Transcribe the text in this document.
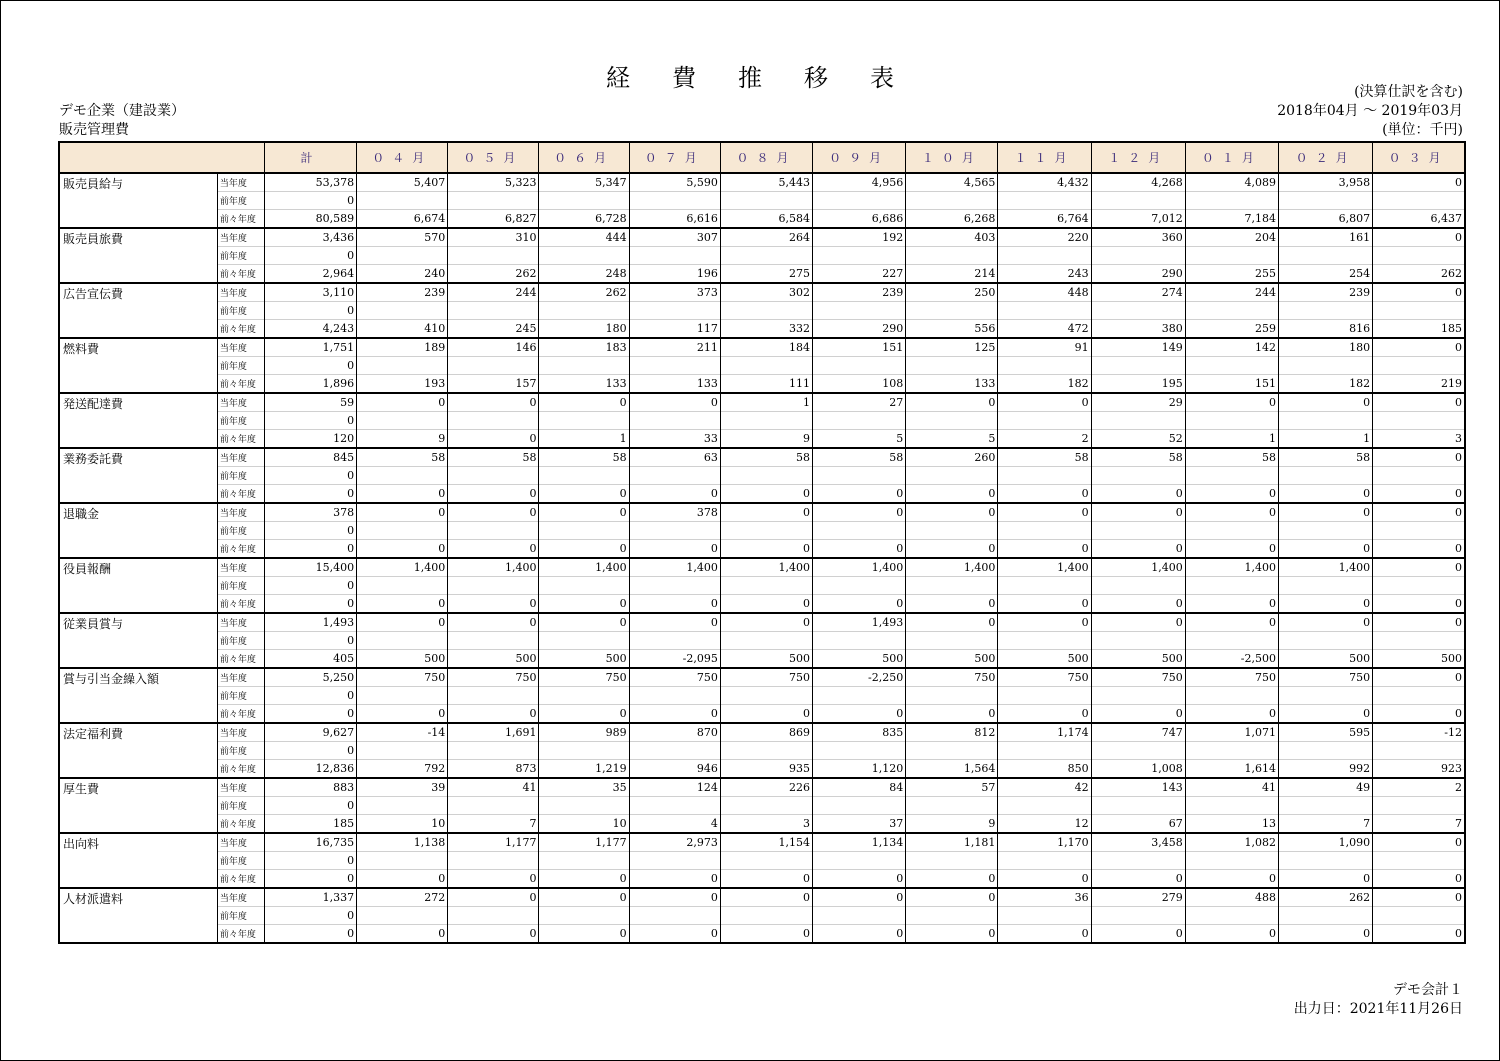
経費推移表
デモ企業（建設業）
販売管理費
(決算仕訳を含む)
2018年04月 〜 2019年03月
(単位：千円)
		計	０４月	０５月	０６月	０７月	０８月	０９月	１０月	１１月	１２月	０１月	０２月	０３月
販売員給与	当年度	53,378	5,407	5,323	5,347	5,590	5,443	4,956	4,565	4,432	4,268	4,089	3,958	0
	前年度	0												
	前々年度	80,589	6,674	6,827	6,728	6,616	6,584	6,686	6,268	6,764	7,012	7,184	6,807	6,437
販売員旅費	当年度	3,436	570	310	444	307	264	192	403	220	360	204	161	0
	前年度	0												
	前々年度	2,964	240	262	248	196	275	227	214	243	290	255	254	262
広告宣伝費	当年度	3,110	239	244	262	373	302	239	250	448	274	244	239	0
	前年度	0												
	前々年度	4,243	410	245	180	117	332	290	556	472	380	259	816	185
燃料費	当年度	1,751	189	146	183	211	184	151	125	91	149	142	180	0
	前年度	0												
	前々年度	1,896	193	157	133	133	111	108	133	182	195	151	182	219
発送配達費	当年度	59	0	0	0	0	1	27	0	0	29	0	0	0
	前年度	0												
	前々年度	120	9	0	1	33	9	5	5	2	52	1	1	3
業務委託費	当年度	845	58	58	58	63	58	58	260	58	58	58	58	0
	前年度	0												
	前々年度	0	0	0	0	0	0	0	0	0	0	0	0	0
退職金	当年度	378	0	0	0	378	0	0	0	0	0	0	0	0
	前年度	0												
	前々年度	0	0	0	0	0	0	0	0	0	0	0	0	0
役員報酬	当年度	15,400	1,400	1,400	1,400	1,400	1,400	1,400	1,400	1,400	1,400	1,400	1,400	0
	前年度	0												
	前々年度	0	0	0	0	0	0	0	0	0	0	0	0	0
従業員賞与	当年度	1,493	0	0	0	0	0	1,493	0	0	0	0	0	0
	前年度	0												
	前々年度	405	500	500	500	-2,095	500	500	500	500	500	-2,500	500	500
賞与引当金繰入額	当年度	5,250	750	750	750	750	750	-2,250	750	750	750	750	750	0
	前年度	0												
	前々年度	0	0	0	0	0	0	0	0	0	0	0	0	0
法定福利費	当年度	9,627	-14	1,691	989	870	869	835	812	1,174	747	1,071	595	-12
	前年度	0												
	前々年度	12,836	792	873	1,219	946	935	1,120	1,564	850	1,008	1,614	992	923
厚生費	当年度	883	39	41	35	124	226	84	57	42	143	41	49	2
	前年度	0												
	前々年度	185	10	7	10	4	3	37	9	12	67	13	7	7
出向料	当年度	16,735	1,138	1,177	1,177	2,973	1,154	1,134	1,181	1,170	3,458	1,082	1,090	0
	前年度	0												
	前々年度	0	0	0	0	0	0	0	0	0	0	0	0	0
人材派遣料	当年度	1,337	272	0	0	0	0	0	0	36	279	488	262	0
	前年度	0												
	前々年度	0	0	0	0	0	0	0	0	0	0	0	0	0
デモ会計１
出力日：2021年11月26日
